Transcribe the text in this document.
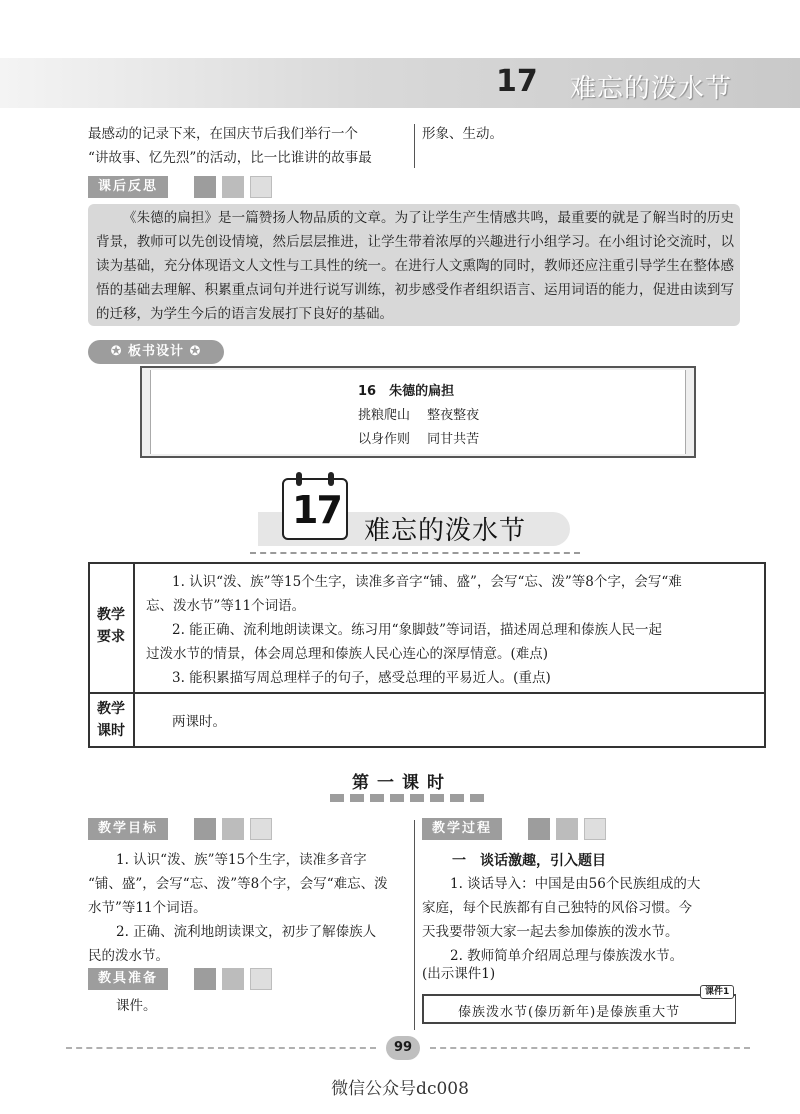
17 难忘的泼水节
最感动的记录下来，在国庆节后我们举行一个
“讲故事、忆先烈”的活动，比一比谁讲的故事最
形象、生动。
课后反思
《朱德的扁担》是一篇赞扬人物品质的文章。为了让学生产生情感共鸣，最重要的就是了解当时的历史背景，教师可以先创设情境，然后层层推进，让学生带着浓厚的兴趣进行小组学习。在小组讨论交流时，以读为基础，充分体现语文人文性与工具性的统一。在进行人文熏陶的同时，教师还应注重引导学生在整体感悟的基础去理解、积累重点词句并进行说写训练，初步感受作者组织语言、运用词语的能力，促进由读到写的迁移，为学生今后的语言发展打下良好的基础。
✪ 板书设计 ✪
16　朱德的扁担
挑粮爬山　 整夜整夜
以身作则　 同甘共苦
17 难忘的泼水节
教学
要求
1. 认识“泼、族”等15个生字，读准多音字“铺、盛”，会写“忘、泼”等8个字，会写“难
忘、泼水节”等11个词语。
2. 能正确、流利地朗读课文。练习用“象脚鼓”等词语，描述周总理和傣族人民一起
过泼水节的情景，体会周总理和傣族人民心连心的深厚情意。(难点)
3. 能积累描写周总理样子的句子，感受总理的平易近人。(重点)
教学
课时
两课时。
第一课时
教学目标
1. 认识“泼、族”等15个生字，读准多音字
“铺、盛”，会写“忘、泼”等8个字，会写“难忘、泼
水节”等11个词语。
2. 正确、流利地朗读课文，初步了解傣族人
民的泼水节。
教具准备
课件。
教学过程
一　谈话激趣，引入题目
1. 谈话导入：中国是由56个民族组成的大
家庭，每个民族都有自己独特的风俗习惯。今
天我要带领大家一起去参加傣族的泼水节。
2. 教师简单介绍周总理与傣族泼水节。
(出示课件1)
课件1
傣族泼水节(傣历新年)是傣族重大节
99
微信公众号dc008
